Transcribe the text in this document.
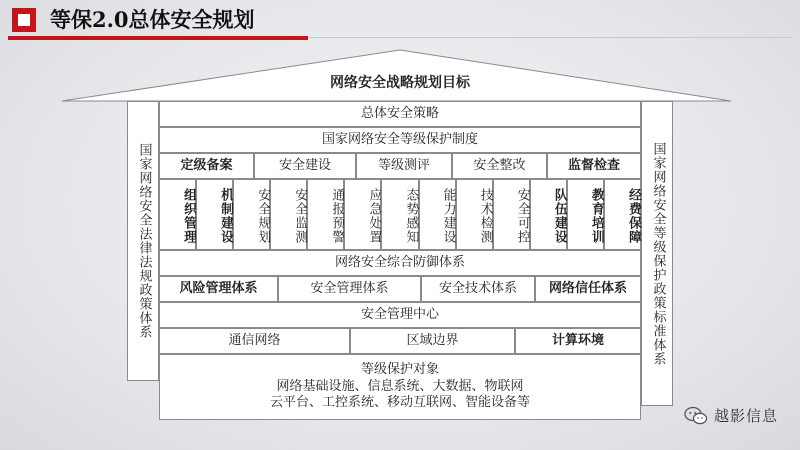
等保2.0总体安全规划
网络安全战略规划目标
国家网络安全法律法规政策体系	国家网络安全等级保护政策标准体系
总体安全策略
国家网络安全等级保护制度
定级备案	安全建设	等级测评	安全整改	监督检查
组织管理	机制建设	安全规划	安全监测	通报预警	应急处置	态势感知	能力建设	技术检测	安全可控	队伍建设	教育培训	经费保障
网络安全综合防御体系
风险管理体系	安全管理体系	安全技术体系	网络信任体系
安全管理中心
通信网络	区域边界	计算环境
等级保护对象
网络基础设施、信息系统、大数据、物联网
云平台、工控系统、移动互联网、智能设备等
越影信息
